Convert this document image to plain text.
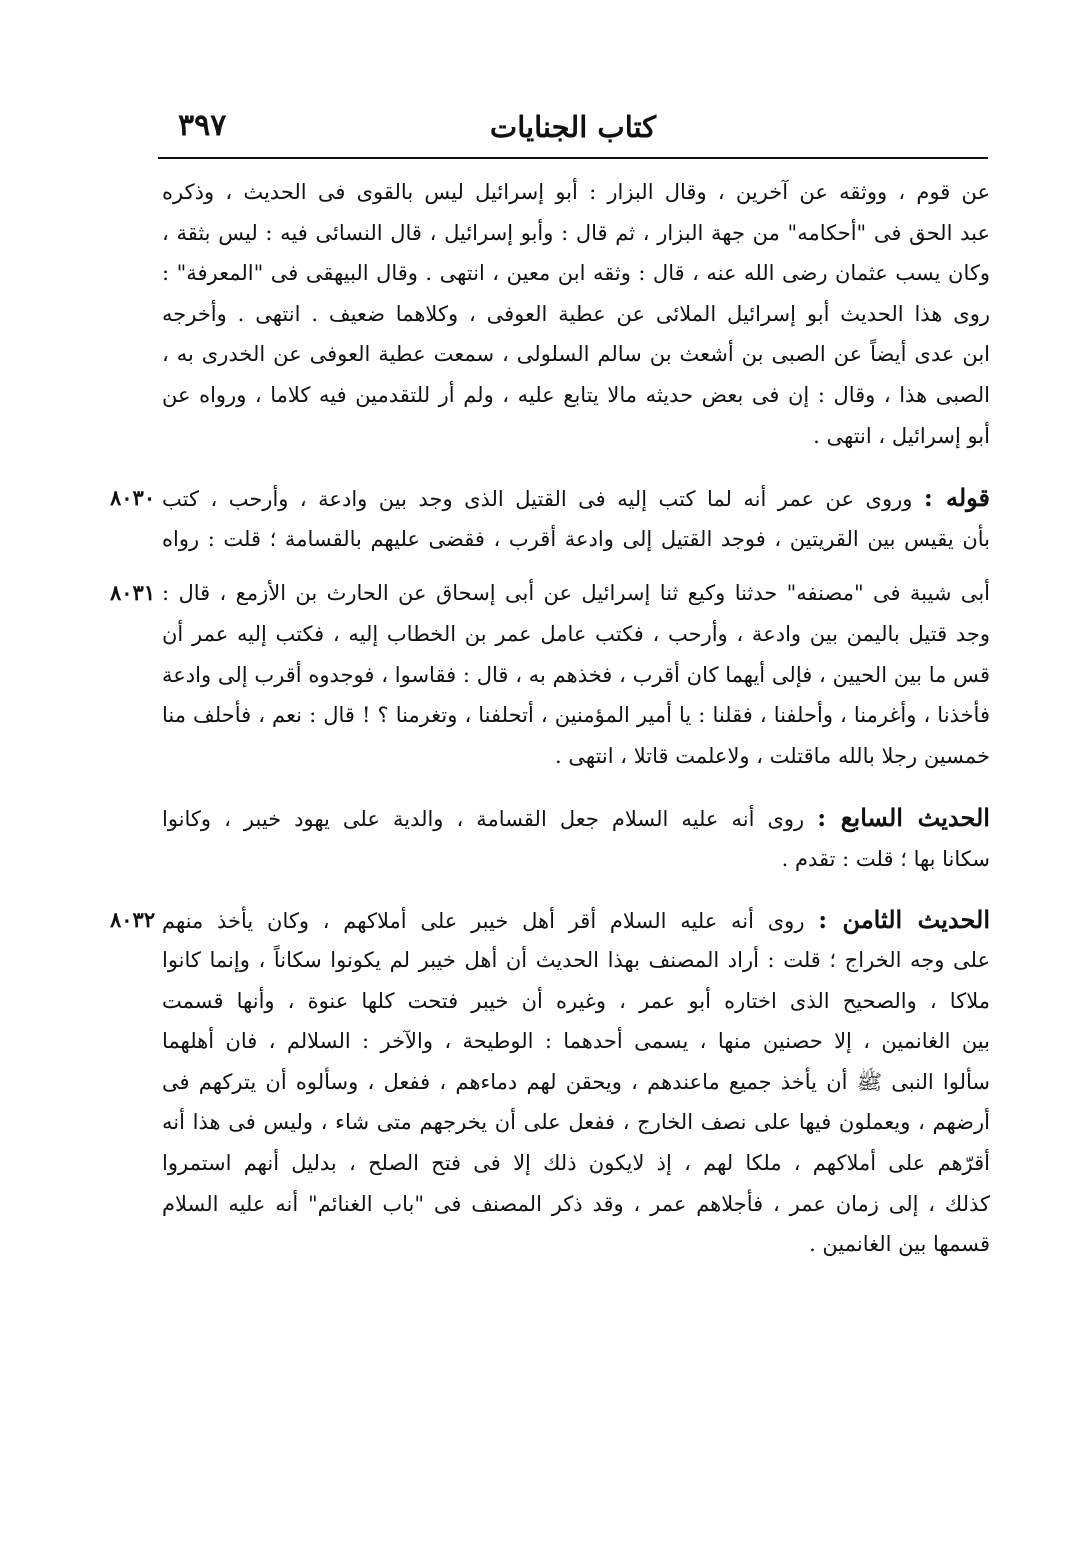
كتاب الجنايات
٣٩٧
عن قوم ، ووثقه عن آخرين ، وقال البزار : أبو إسرائيل ليس بالقوى فى الحديث ، وذكره
عبد الحق فى "أحكامه" من جهة البزار ، ثم قال : وأبو إسرائيل ، قال النسائى فيه : ليس بثقة ،
وكان يسب عثمان رضى الله عنه ، قال : وثقه ابن معين ، انتهى . وقال البيهقى فى "المعرفة" :
روى هذا الحديث أبو إسرائيل الملائى عن عطية العوفى ، وكلاهما ضعيف . انتهى . وأخرجه
ابن عدى أيضاً عن الصبى بن أشعث بن سالم السلولى ، سمعت عطية العوفى عن الخدرى به ،
الصبى هذا ، وقال : إن فى بعض حديثه مالا يتابع عليه ، ولم أر للتقدمين فيه كلاما ، ورواه عن
أبو إسرائيل ، انتهى .
قوله : وروى عن عمر أنه لما كتب إليه فى القتيل الذى وجد بين وادعة ، وأرحب ، كتب
٨٠٣٠
بأن يقيس بين القريتين ، فوجد القتيل إلى وادعة أقرب ، فقضى عليهم بالقسامة ؛ قلت : رواه
أبى شيبة فى "مصنفه" حدثنا وكيع ثنا إسرائيل عن أبى إسحاق عن الحارث بن الأزمع ، قال :
٨٠٣١
وجد قتيل باليمن بين وادعة ، وأرحب ، فكتب عامل عمر بن الخطاب إليه ، فكتب إليه عمر أن
قس ما بين الحيين ، فإلى أيهما كان أقرب ، فخذهم به ، قال : فقاسوا ، فوجدوه أقرب إلى وادعة
فأخذنا ، وأغرمنا ، وأحلفنا ، فقلنا : يا أمير المؤمنين ، أتحلفنا ، وتغرمنا ؟ ! قال : نعم ، فأحلف منا
خمسين رجلا بالله ماقتلت ، ولاعلمت قاتلا ، انتهى .
الحديث السابع : روى أنه عليه السلام جعل القسامة ، والدية على يهود خيبر ، وكانوا
سكانا بها ؛ قلت : تقدم .
الحديث الثامن : روى أنه عليه السلام أقر أهل خيبر على أملاكهم ، وكان يأخذ منهم
٨٠٣٢
على وجه الخراج ؛ قلت : أراد المصنف بهذا الحديث أن أهل خيبر لم يكونوا سكاناً ، وإنما كانوا
ملاكا ، والصحيح الذى اختاره أبو عمر ، وغيره أن خيبر فتحت كلها عنوة ، وأنها قسمت
بين الغانمين ، إلا حصنين منها ، يسمى أحدهما : الوطيحة ، والآخر : السلالم ، فان أهلهما
سألوا النبى ﷺ أن يأخذ جميع ماعندهم ، ويحقن لهم دماءهم ، ففعل ، وسألوه أن يتركهم فى
أرضهم ، ويعملون فيها على نصف الخارج ، ففعل على أن يخرجهم متى شاء ، وليس فى هذا أنه
أقرّهم على أملاكهم ، ملكا لهم ، إذ لايكون ذلك إلا فى فتح الصلح ، بدليل أنهم استمروا
كذلك ، إلى زمان عمر ، فأجلاهم عمر ، وقد ذكر المصنف فى "باب الغنائم" أنه عليه السلام
قسمها بين الغانمين .
